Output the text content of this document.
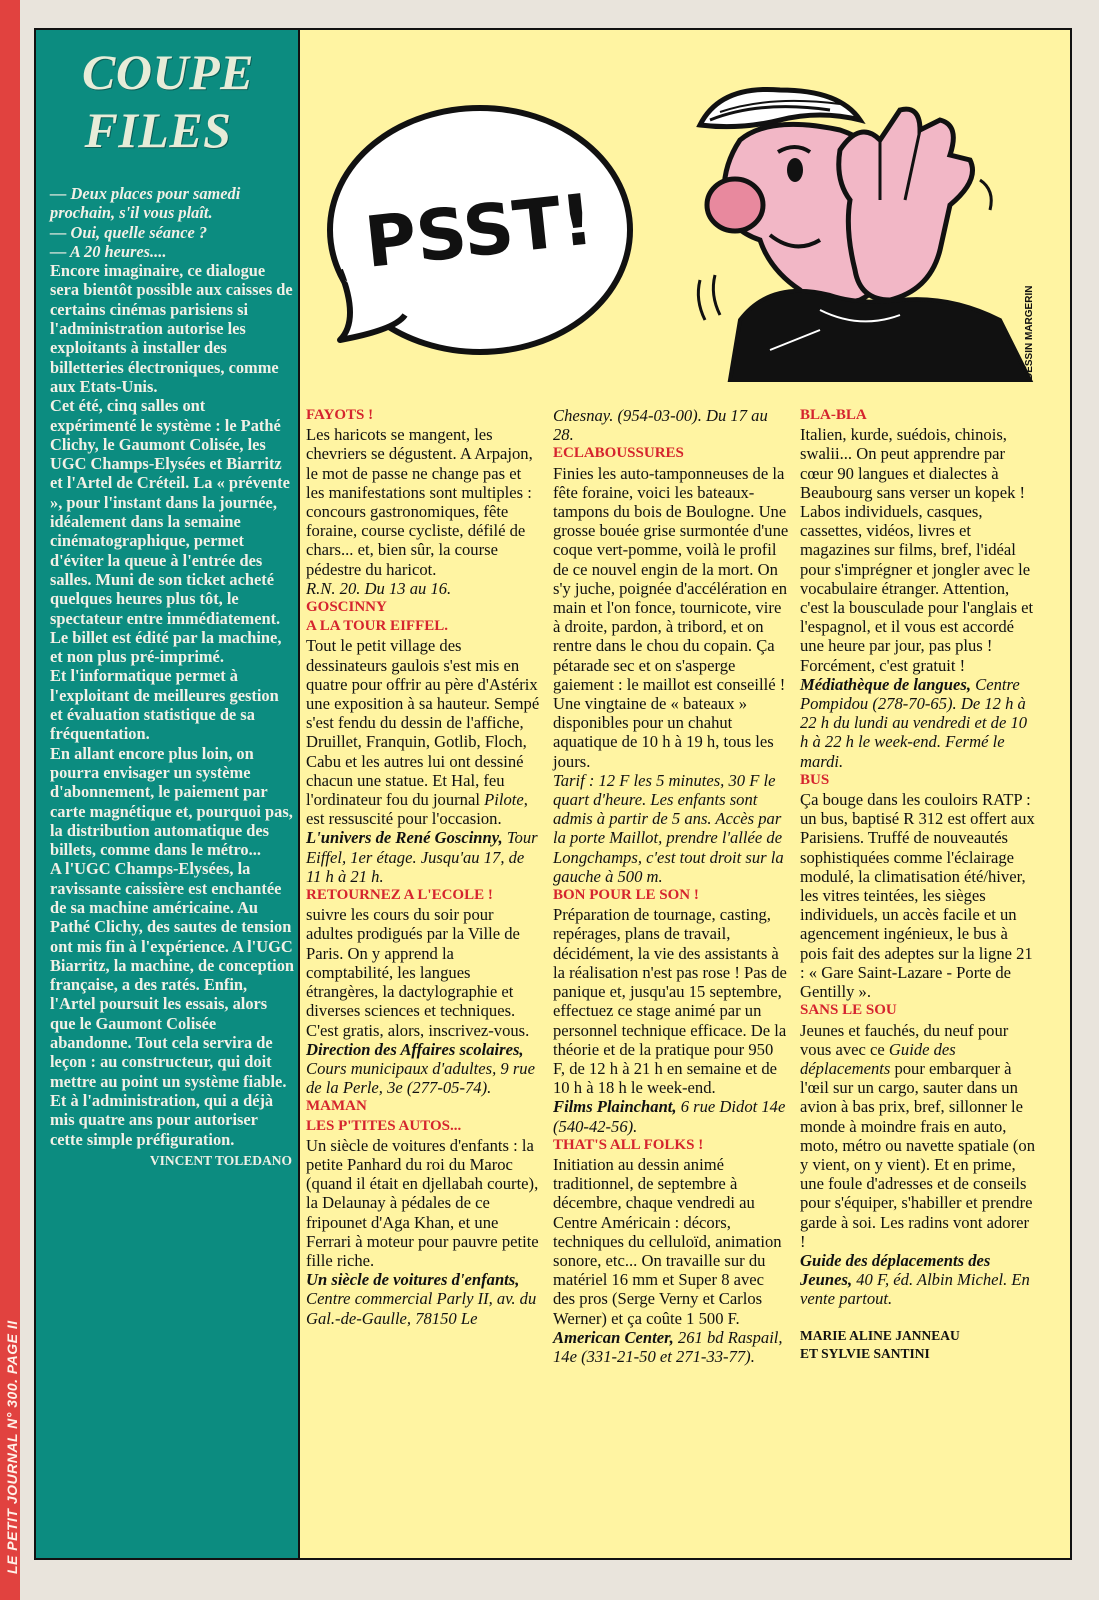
LE PETIT JOURNAL N° 300. PAGE II
COUPE
FILES

— Deux places pour samedi prochain, s'il vous plaît.

— Oui, quelle séance ?

— A 20 heures....

Encore imaginaire, ce dialogue sera bientôt possible aux caisses de certains cinémas parisiens si l'administration autorise les exploitants à installer des billetteries électroniques, comme aux Etats-Unis.

Cet été, cinq salles ont expérimenté le système : le Pathé Clichy, le Gaumont Colisée, les UGC Champs-Elysées et Biarritz et l'Artel de Créteil. La « prévente », pour l'instant dans la journée, idéalement dans la semaine cinématographique, permet d'éviter la queue à l'entrée des salles. Muni de son ticket acheté quelques heures plus tôt, le spectateur entre immédiatement. Le billet est édité par la machine, et non plus pré-imprimé.

Et l'informatique permet à l'exploitant de meilleures gestion et évaluation statistique de sa fréquentation.

En allant encore plus loin, on pourra envisager un système d'abonnement, le paiement par carte magnétique et, pourquoi pas, la distribution automatique des billets, comme dans le métro...

A l'UGC Champs-Elysées, la ravissante caissière est enchantée de sa machine américaine. Au Pathé Clichy, des sautes de tension ont mis fin à l'expérience. A l'UGC Biarritz, la machine, de conception française, a des ratés. Enfin, l'Artel poursuit les essais, alors que le Gaumont Colisée abandonne. Tout cela servira de leçon : au constructeur, qui doit mettre au point un système fiable. Et à l'administration, qui a déjà mis quatre ans pour autoriser cette simple préfiguration.

VINCENT TOLEDANO

PSST!
DESSIN MARGERIN

FAYOTS !

Les haricots se mangent, les chevriers se dégustent. A Arpajon, le mot de passe ne change pas et les manifestations sont multiples : concours gastronomiques, fête foraine, course cycliste, défilé de chars... et, bien sûr, la course pédestre du haricot.

R.N. 20. Du 13 au 16.

GOSCINNY

A LA TOUR EIFFEL.

Tout le petit village des dessinateurs gaulois s'est mis en quatre pour offrir au père d'Astérix une exposition à sa hauteur. Sempé s'est fendu du dessin de l'affiche, Druillet, Franquin, Gotlib, Floch, Cabu et les autres lui ont dessiné chacun une statue. Et Hal, feu l'ordinateur fou du journal Pilote, est ressuscité pour l'occasion.

L'univers de René Goscinny, Tour Eiffel, 1er étage. Jusqu'au 17, de 11 h à 21 h.

RETOURNEZ A L'ECOLE !

suivre les cours du soir pour adultes prodigués par la Ville de Paris. On y apprend la comptabilité, les langues étrangères, la dactylographie et diverses sciences et techniques. C'est gratis, alors, inscrivez-vous.

Direction des Affaires scolaires, Cours municipaux d'adultes, 9 rue de la Perle, 3e (277-05-74).

MAMAN

LES P'TITES AUTOS...

Un siècle de voitures d'enfants : la petite Panhard du roi du Maroc (quand il était en djellabah courte), la Delaunay à pédales de ce fripounet d'Aga Khan, et une Ferrari à moteur pour pauvre petite fille riche.

Un siècle de voitures d'enfants, Centre commercial Parly II, av. du Gal.-de-Gaulle, 78150 Le

Chesnay. (954-03-00). Du 17 au 28.

ECLABOUSSURES

Finies les auto-tamponneuses de la fête foraine, voici les bateaux-tampons du bois de Boulogne. Une grosse bouée grise surmontée d'une coque vert-pomme, voilà le profil de ce nouvel engin de la mort. On s'y juche, poignée d'accélération en main et l'on fonce, tournicote, vire à droite, pardon, à tribord, et on rentre dans le chou du copain. Ça pétarade sec et on s'asperge gaiement : le maillot est conseillé ! Une vingtaine de « bateaux » disponibles pour un chahut aquatique de 10 h à 19 h, tous les jours.

Tarif : 12 F les 5 minutes, 30 F le quart d'heure. Les enfants sont admis à partir de 5 ans. Accès par la porte Maillot, prendre l'allée de Longchamps, c'est tout droit sur la gauche à 500 m.

BON POUR LE SON !

Préparation de tournage, casting, repérages, plans de travail, décidément, la vie des assistants à la réalisation n'est pas rose ! Pas de panique et, jusqu'au 15 septembre, effectuez ce stage animé par un personnel technique efficace. De la théorie et de la pratique pour 950 F, de 12 h à 21 h en semaine et de 10 h à 18 h le week-end.

Films Plainchant, 6 rue Didot 14e (540-42-56).

THAT'S ALL FOLKS !

Initiation au dessin animé traditionnel, de septembre à décembre, chaque vendredi au Centre Américain : décors, techniques du celluloïd, animation sonore, etc... On travaille sur du matériel 16 mm et Super 8 avec des pros (Serge Verny et Carlos Werner) et ça coûte 1 500 F.

American Center, 261 bd Raspail, 14e (331-21-50 et 271-33-77).

BLA-BLA

Italien, kurde, suédois, chinois, swalii... On peut apprendre par cœur 90 langues et dialectes à Beaubourg sans verser un kopek ! Labos individuels, casques, cassettes, vidéos, livres et magazines sur films, bref, l'idéal pour s'imprégner et jongler avec le vocabulaire étranger. Attention, c'est la bousculade pour l'anglais et l'espagnol, et il vous est accordé une heure par jour, pas plus ! Forcément, c'est gratuit !

Médiathèque de langues, Centre Pompidou (278-70-65). De 12 h à 22 h du lundi au vendredi et de 10 h à 22 h le week-end. Fermé le mardi.

BUS

Ça bouge dans les couloirs RATP : un bus, baptisé R 312 est offert aux Parisiens. Truffé de nouveautés sophistiquées comme l'éclairage modulé, la climatisation été/hiver, les vitres teintées, les sièges individuels, un accès facile et un agencement ingénieux, le bus à pois fait des adeptes sur la ligne 21 : « Gare Saint-Lazare - Porte de Gentilly ».

SANS LE SOU

Jeunes et fauchés, du neuf pour vous avec ce Guide des déplacements pour embarquer à l'œil sur un cargo, sauter dans un avion à bas prix, bref, sillonner le monde à moindre frais en auto, moto, métro ou navette spatiale (on y vient, on y vient). Et en prime, une foule d'adresses et de conseils pour s'équiper, s'habiller et prendre garde à soi. Les radins vont adorer !

Guide des déplacements des Jeunes, 40 F, éd. Albin Michel. En vente partout.

MARIE ALINE JANNEAU
ET SYLVIE SANTINI
